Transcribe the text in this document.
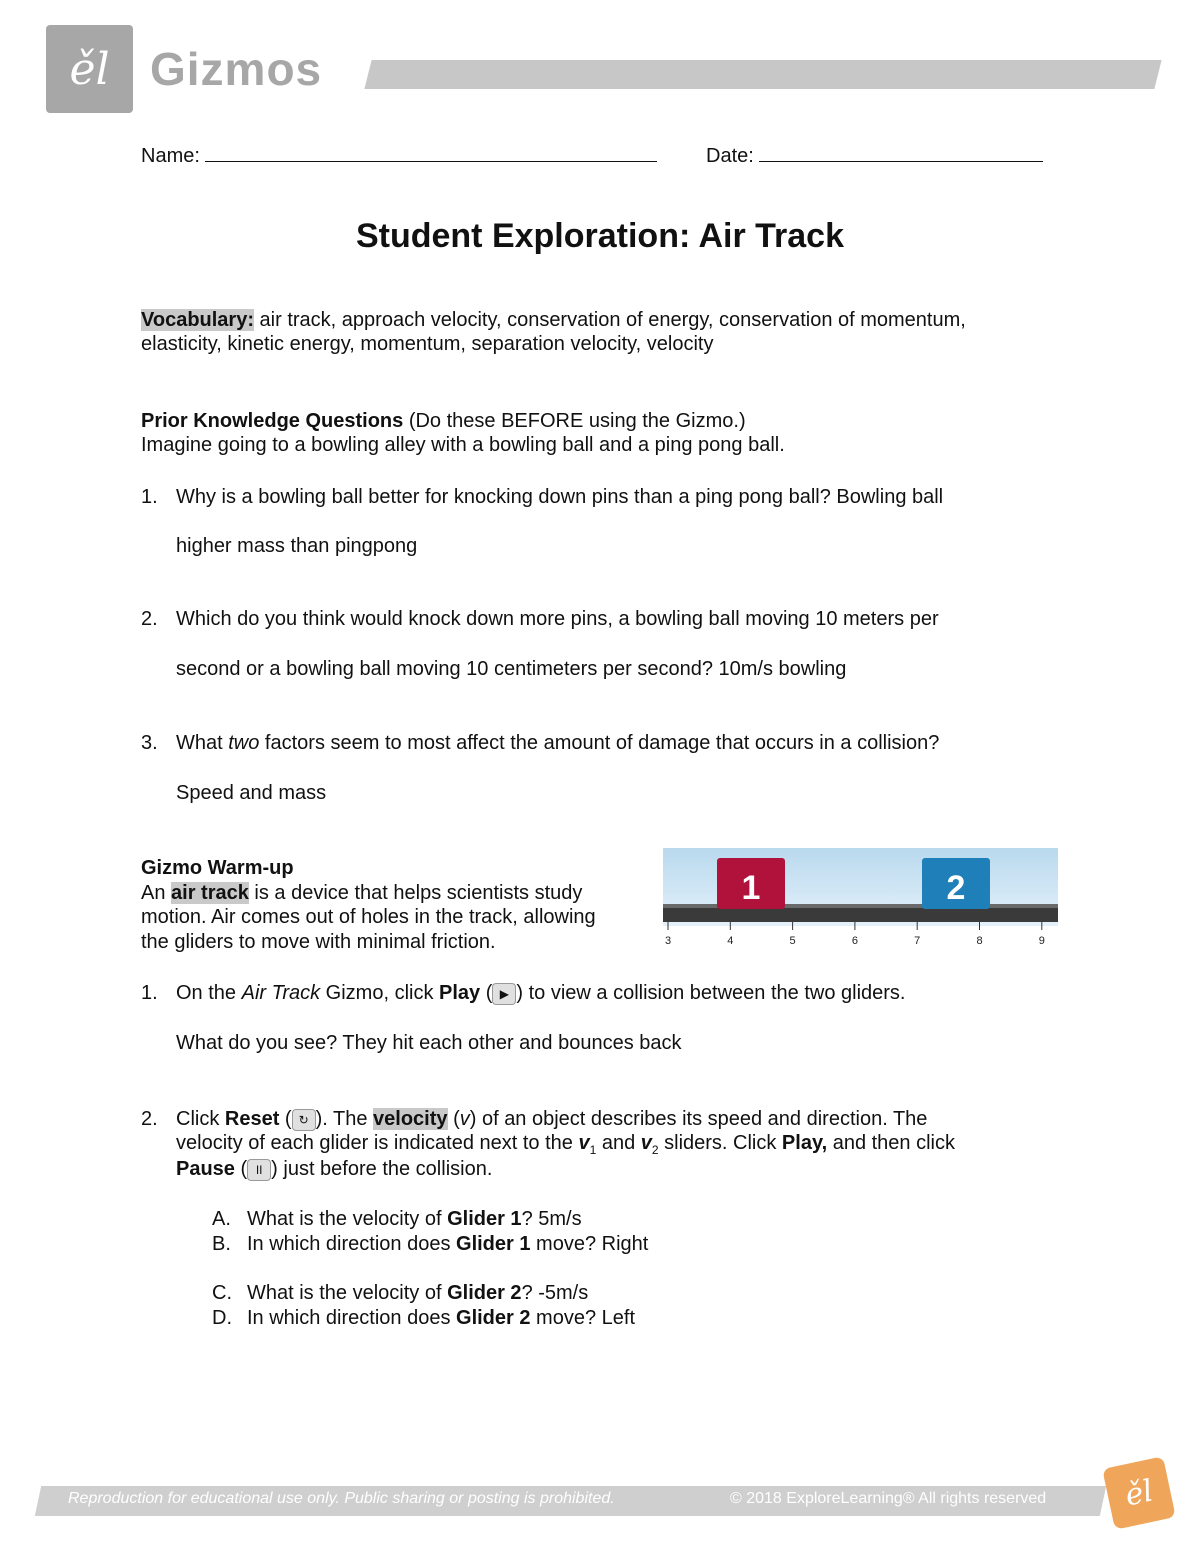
ěl Gizmos
Name:	Date:
Student Exploration: Air Track
Vocabulary: air track, approach velocity, conservation of energy, conservation of momentum,
elasticity, kinetic energy, momentum, separation velocity, velocity
Prior Knowledge Questions (Do these BEFORE using the Gizmo.)
Imagine going to a bowling alley with a bowling ball and a ping pong ball.
1. Why is a bowling ball better for knocking down pins than a ping pong ball? Bowling ball
higher mass than pingpong
2. Which do you think would knock down more pins, a bowling ball moving 10 meters per
second or a bowling ball moving 10 centimeters per second? 10m/s bowling
3. What two factors seem to most affect the amount of damage that occurs in a collision?
Speed and mass
Gizmo Warm-up
An air track is a device that helps scientists study
motion. Air comes out of holes in the track, allowing
the gliders to move with minimal friction.
1	2
3	4	5	6	7	8	9
1. On the Air Track Gizmo, click Play ( ▶ ) to view a collision between the two gliders.
What do you see? They hit each other and bounces back
2. Click Reset ( ↻ ). The velocity (v) of an object describes its speed and direction. The
velocity of each glider is indicated next to the $v_1$ and $v_2$ sliders. Click Play, and then click
Pause ( II ) just before the collision.
A. What is the velocity of Glider 1? 5m/s
B. In which direction does Glider 1 move? Right
C. What is the velocity of Glider 2? -5m/s
D. In which direction does Glider 2 move? Left
Reproduction for educational use only. Public sharing or posting is prohibited.	© 2018 ExploreLearning® All rights reserved	ěl
